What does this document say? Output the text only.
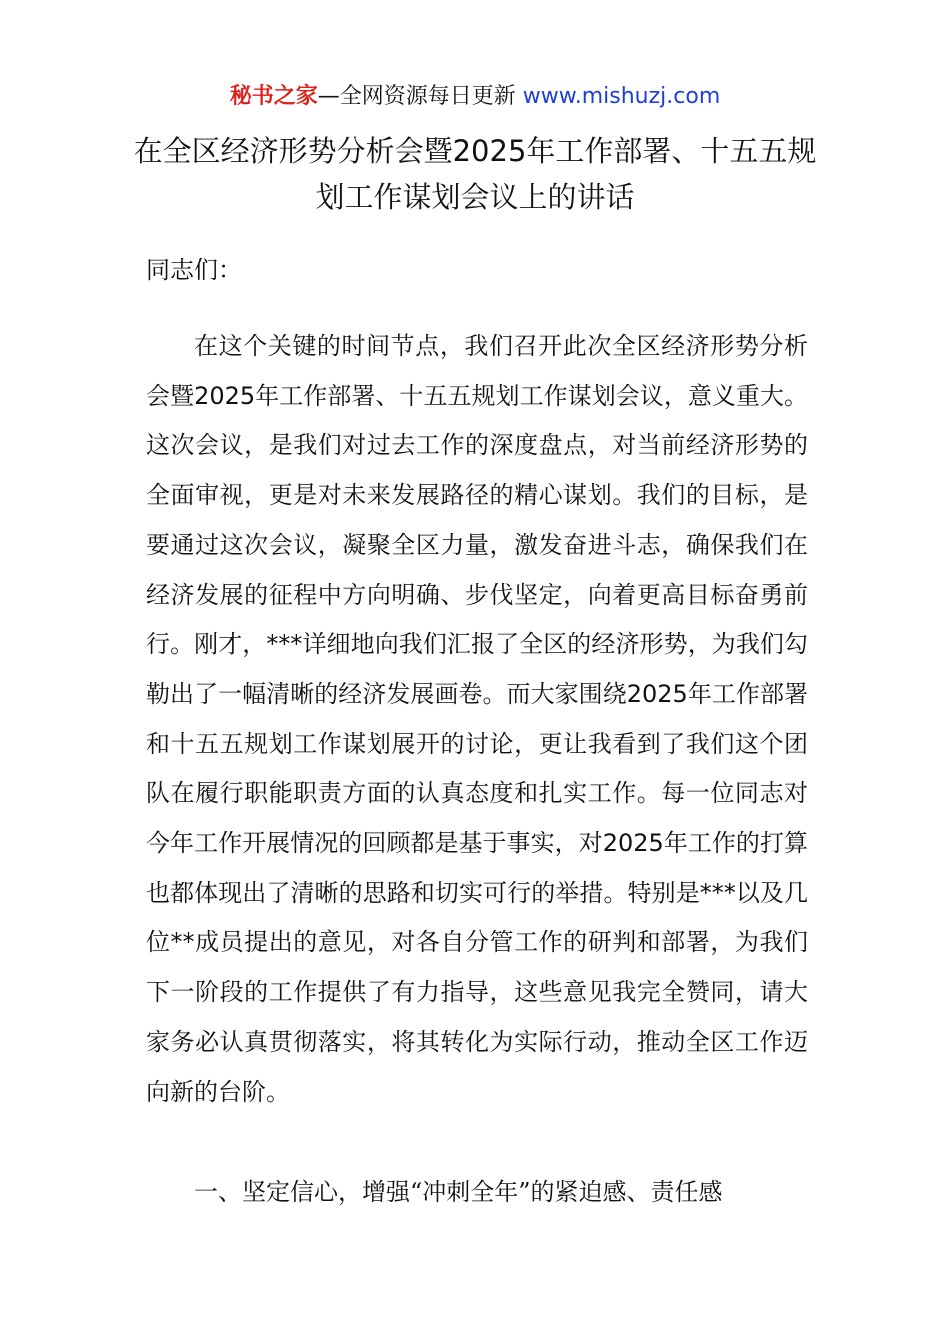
秘书之家—全网资源每日更新 www.mishuzj.com
在全区经济形势分析会暨2025年工作部署、十五五规划工作谋划会议上的讲话

同志们：

在这个关键的时间节点，我们召开此次全区经济形势分析会暨2025年工作部署、十五五规划工作谋划会议，意义重大。这次会议，是我们对过去工作的深度盘点，对当前经济形势的全面审视，更是对未来发展路径的精心谋划。我们的目标，是要通过这次会议，凝聚全区力量，激发奋进斗志，确保我们在经济发展的征程中方向明确、步伐坚定，向着更高目标奋勇前行。刚才，***详细地向我们汇报了全区的经济形势，为我们勾勒出了一幅清晰的经济发展画卷。而大家围绕2025年工作部署和十五五规划工作谋划展开的讨论，更让我看到了我们这个团队在履行职能职责方面的认真态度和扎实工作。每一位同志对今年工作开展情况的回顾都是基于事实，对2025年工作的打算也都体现出了清晰的思路和切实可行的举措。特别是***以及几位**成员提出的意见，对各自分管工作的研判和部署，为我们下一阶段的工作提供了有力指导，这些意见我完全赞同，请大家务必认真贯彻落实，将其转化为实际行动，推动全区工作迈向新的台阶。

一、坚定信心，增强“冲刺全年”的紧迫感、责任感
